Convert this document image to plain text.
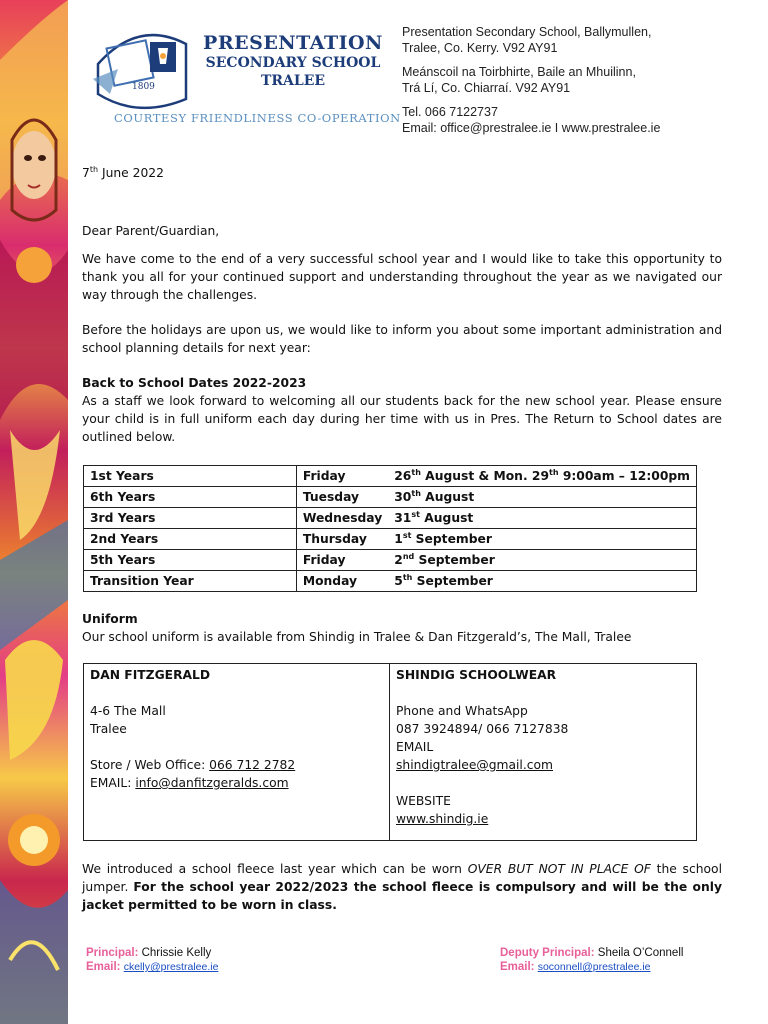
1809
PRESENTATION
SECONDARY SCHOOL
TRALEE
COURTESY FRIENDLINESS CO-OPERATION
Presentation Secondary School, Ballymullen,
Tralee, Co. Kerry. V92 AY91
Meánscoil na Toirbhirte, Baile an Mhuilinn,
Trá Lí, Co. Chiarraí. V92 AY91
Tel. 066 7122737
Email: office@prestralee.ie I www.prestralee.ie
7th June 2022

Dear Parent/Guardian,

We have come to the end of a very successful school year and I would like to take this opportunity to thank you all for your continued support and understanding throughout the year as we navigated our way through the challenges.

Before the holidays are upon us, we would like to inform you about some important administration and school planning details for next year:

Back to School Dates 2022-2023

As a staff we look forward to welcoming all our students back for the new school year. Please ensure your child is in full uniform each day during her time with us in Pres. The Return to School dates are outlined below.

1st Years	Friday	26th August & Mon. 29th 9:00am – 12:00pm
6th Years	Tuesday	30th August
3rd Years	Wednesday	31st August
2nd Years	Thursday	1st September
5th Years	Friday	2nd September
Transition Year	Monday	5th September

Uniform

Our school uniform is available from Shindig in Tralee & Dan Fitzgerald’s, The Mall, Tralee

DAN FITZGERALD
4-6 The Mall
Tralee
Store / Web Office: 066 712 2782
EMAIL: info@danfitzgeralds.com

SHINDIG SCHOOLWEAR
Phone and WhatsApp
087 3924894/ 066 7127838
EMAIL
shindigtralee@gmail.com
WEBSITE
www.shindig.ie

We introduced a school fleece last year which can be worn OVER BUT NOT IN PLACE OF the school jumper. For the school year 2022/2023 the school fleece is compulsory and will be the only jacket permitted to be worn in class.

Principal: Chrissie Kelly
Email: ckelly@prestralee.ie
Deputy Principal: Sheila O’Connell
Email: soconnell@prestralee.ie
